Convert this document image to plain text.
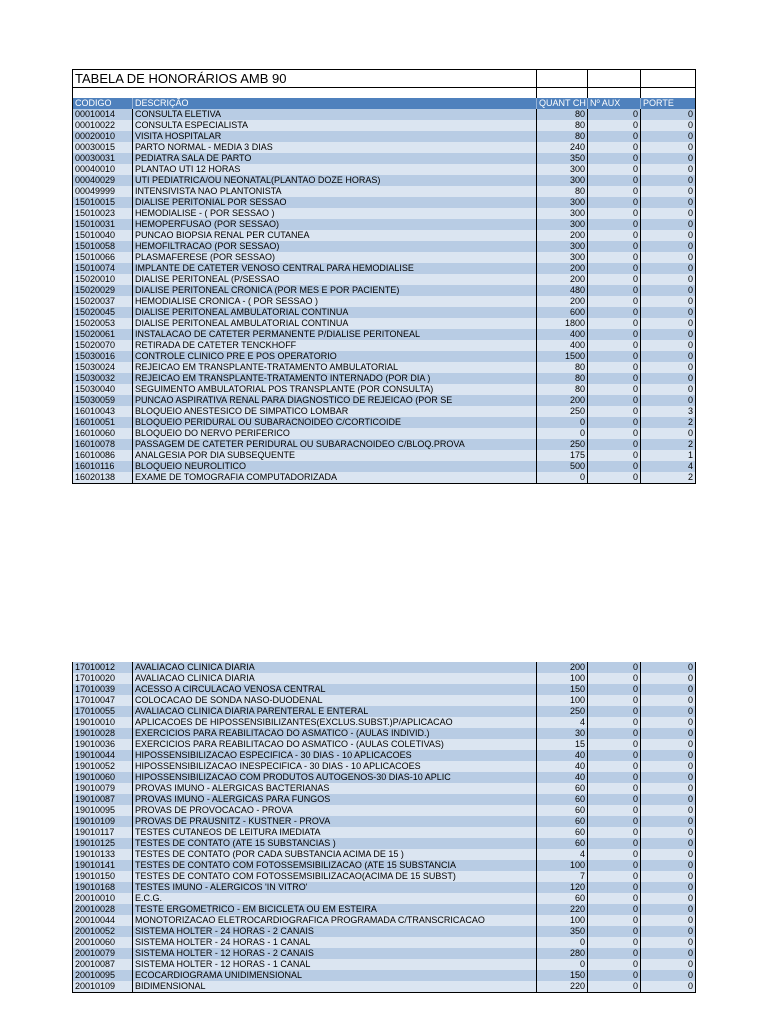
TABELA DE HONORÁRIOS AMB 90				

CODIGO	DESCRIÇÃO	QUANT CH	Nº AUX	PORTE
00010014	CONSULTA ELETIVA	80	0	0
00010022	CONSULTA ESPECIALISTA	80	0	0
00020010	VISITA HOSPITALAR	80	0	0
00030015	PARTO NORMAL - MEDIA 3 DIAS	240	0	0
00030031	PEDIATRA SALA DE PARTO	350	0	0
00040010	PLANTAO UTI 12 HORAS	300	0	0
00040029	UTI PEDIATRICA/OU NEONATAL(PLANTAO DOZE HORAS)	300	0	0
00049999	INTENSIVISTA NAO PLANTONISTA	80	0	0
15010015	DIALISE PERITONIAL POR SESSAO	300	0	0
15010023	HEMODIALISE - ( POR SESSAO )	300	0	0
15010031	HEMOPERFUSAO (POR SESSAO)	300	0	0
15010040	PUNCAO BIOPSIA RENAL PER CUTANEA	200	0	0
15010058	HEMOFILTRACAO (POR SESSAO)	300	0	0
15010066	PLASMAFERESE (POR SESSAO)	300	0	0
15010074	IMPLANTE DE CATETER VENOSO CENTRAL PARA HEMODIALISE	200	0	0
15020010	DIALISE PERITONEAL (P/SESSAO	200	0	0
15020029	DIALISE PERITONEAL CRONICA (POR MES E POR PACIENTE)	480	0	0
15020037	HEMODIALISE CRONICA - ( POR SESSAO )	200	0	0
15020045	DIALISE PERITONEAL AMBULATORIAL CONTINUA	600	0	0
15020053	DIALISE PERITONEAL AMBULATORIAL CONTINUA	1800	0	0
15020061	INSTALACAO DE CATETER PERMANENTE P/DIALISE PERITONEAL	400	0	0
15020070	RETIRADA DE CATETER TENCKHOFF	400	0	0
15030016	CONTROLE CLINICO PRE E POS OPERATORIO	1500	0	0
15030024	REJEICAO EM TRANSPLANTE-TRATAMENTO AMBULATORIAL	80	0	0
15030032	REJEICAO EM TRANSPLANTE-TRATAMENTO INTERNADO (POR DIA )	80	0	0
15030040	SEGUIMENTO AMBULATORIAL POS TRANSPLANTE (POR CONSULTA)	80	0	0
15030059	PUNCAO ASPIRATIVA RENAL PARA DIAGNOSTICO DE REJEICAO (POR SE	200	0	0
16010043	BLOQUEIO ANESTESICO DE SIMPATICO LOMBAR	250	0	3
16010051	BLOQUEIO PERIDURAL OU SUBARACNOIDEO C/CORTICOIDE	0	0	2
16010060	BLOQUEIO DO NERVO PERIFERICO	0	0	0
16010078	PASSAGEM DE CATETER PERIDURAL OU SUBARACNOIDEO C/BLOQ.PROVA	250	0	2
16010086	ANALGESIA POR DIA SUBSEQUENTE	175	0	1
16010116	BLOQUEIO NEUROLITICO	500	0	4
16020138	EXAME DE TOMOGRAFIA COMPUTADORIZADA	0	0	2
17010012	AVALIACAO CLINICA DIARIA	200	0	0
17010020	AVALIACAO CLINICA DIARIA	100	0	0
17010039	ACESSO A CIRCULACAO VENOSA CENTRAL	150	0	0
17010047	COLOCACAO DE SONDA NASO-DUODENAL	100	0	0
17010055	AVALIACAO CLINICA DIARIA PARENTERAL E ENTERAL	250	0	0
19010010	APLICACOES DE HIPOSSENSIBILIZANTES(EXCLUS.SUBST.)P/APLICACAO	4	0	0
19010028	EXERCICIOS PARA REABILITACAO DO ASMATICO - (AULAS INDIVID.)	30	0	0
19010036	EXERCICIOS PARA REABILITACAO DO ASMATICO - (AULAS COLETIVAS)	15	0	0
19010044	HIPOSSENSIBILIZACAO ESPECIFICA - 30 DIAS - 10 APLICACOES	40	0	0
19010052	HIPOSSENSIBILIZACAO INESPECIFICA - 30 DIAS - 10 APLICACOES	40	0	0
19010060	HIPOSSENSIBILIZACAO COM PRODUTOS AUTOGENOS-30 DIAS-10 APLIC	40	0	0
19010079	PROVAS IMUNO - ALERGICAS BACTERIANAS	60	0	0
19010087	PROVAS IMUNO - ALERGICAS PARA FUNGOS	60	0	0
19010095	PROVAS DE PROVOCACAO - PROVA	60	0	0
19010109	PROVAS DE PRAUSNITZ - KUSTNER - PROVA	60	0	0
19010117	TESTES CUTANEOS DE LEITURA IMEDIATA	60	0	0
19010125	TESTES DE CONTATO (ATE 15 SUBSTANCIAS )	60	0	0
19010133	TESTES DE CONTATO (POR CADA SUBSTANCIA ACIMA DE 15 )	4	0	0
19010141	TESTES DE CONTATO COM FOTOSSEMSIBILIZACAO (ATE 15 SUBSTANCIA	100	0	0
19010150	TESTES DE CONTATO COM FOTOSSEMSIBILIZACAO(ACIMA DE 15 SUBST)	7	0	0
19010168	TESTES IMUNO - ALERGICOS 'IN VITRO'	120	0	0
20010010	E.C.G.	60	0	0
20010028	TESTE ERGOMETRICO - EM BICICLETA OU EM ESTEIRA	220	0	0
20010044	MONOTORIZACAO ELETROCARDIOGRAFICA PROGRAMADA C/TRANSCRICACAO	100	0	0
20010052	SISTEMA HOLTER - 24 HORAS - 2 CANAIS	350	0	0
20010060	SISTEMA HOLTER - 24 HORAS - 1 CANAL	0	0	0
20010079	SISTEMA HOLTER - 12 HORAS - 2 CANAIS	280	0	0
20010087	SISTEMA HOLTER - 12 HORAS - 1 CANAL	0	0	0
20010095	ECOCARDIOGRAMA UNIDIMENSIONAL	150	0	0
20010109	BIDIMENSIONAL	220	0	0
